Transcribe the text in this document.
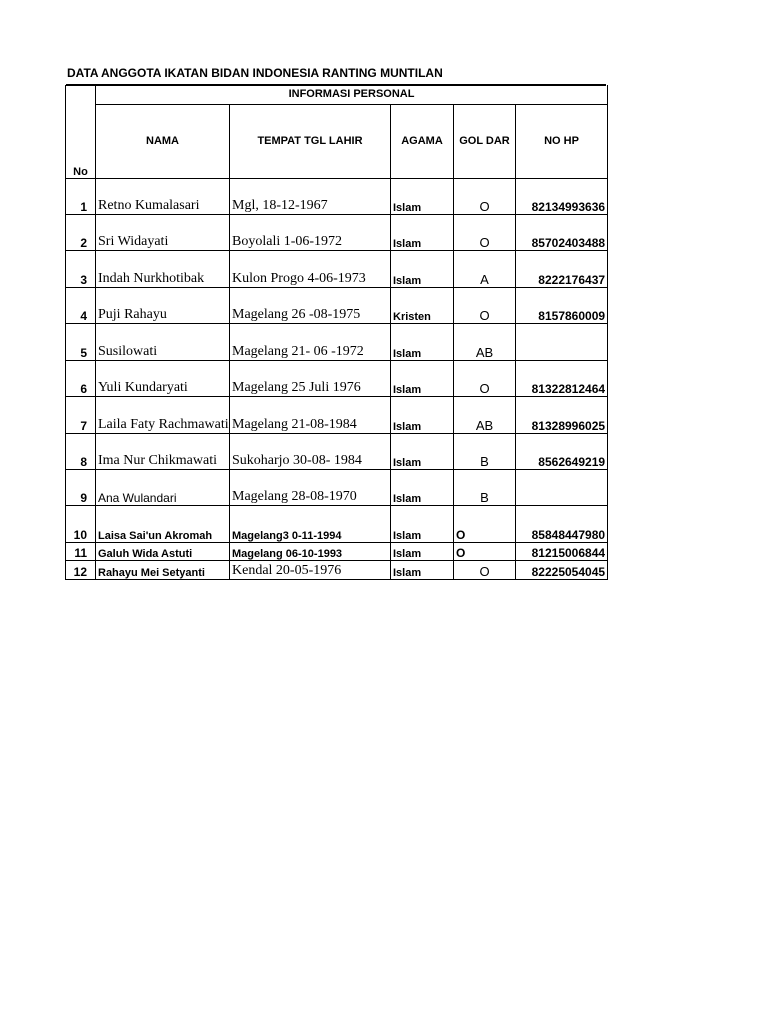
DATA ANGGOTA IKATAN BIDAN INDONESIA RANTING MUNTILAN
No	INFORMASI PERSONAL				
	NAMA	TEMPAT TGL LAHIR	AGAMA	GOL DAR	NO HP
1	Retno Kumalasari	Mgl, 18-12-1967	Islam	O	82134993636
2	Sri Widayati	Boyolali 1-06-1972	Islam	O	85702403488
3	Indah Nurkhotibak	Kulon Progo 4-06-1973	Islam	A	8222176437
4	Puji Rahayu	Magelang 26 -08-1975	Kristen	O	8157860009
5	Susilowati	Magelang 21- 06 -1972	Islam	AB	
6	Yuli Kundaryati	Magelang 25 Juli 1976	Islam	O	81322812464
7	Laila Faty Rachmawati	Magelang 21-08-1984	Islam	AB	81328996025
8	Ima Nur Chikmawati	Sukoharjo 30-08- 1984	Islam	B	8562649219
9	Ana Wulandari	Magelang 28-08-1970	Islam	B	
10	Laisa Sai'un Akromah	Magelang3 0-11-1994	Islam	O	85848447980
11	Galuh Wida Astuti	Magelang 06-10-1993	Islam	O	81215006844
12	Rahayu Mei Setyanti	Kendal 20-05-1976	Islam	O	82225054045
